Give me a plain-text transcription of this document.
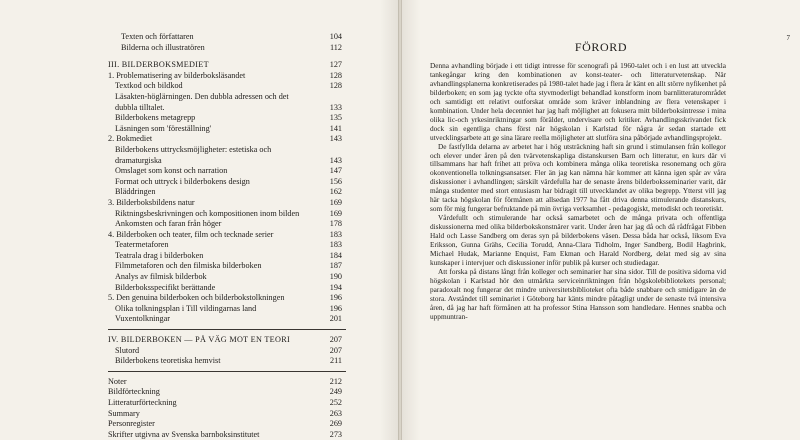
Texten och författaren	104
Bilderna och illustratören	112
III. BILDERBOKSMEDIET	127
1. Problematisering av bilderboksläsandet	128
Textkod och bildkod	128
Läsakten-höglärningen. Den dubbla adressen och det
dubbla tilltalet.	133
Bilderbokens metagrepp	135
Läsningen som 'föreställning'	141
2. Bokmediet	143
Bilderbokens uttrycksmöjligheter: estetiska och
dramaturgiska	143
Omslaget som konst och narration	147
Format och uttryck i bilderbokens design	156
Bläddringen	162
3. Bilderboksbildens natur	169
Riktningsbeskrivningen och kompositionen inom bilden	169
Ankomsten och faran från höger	178
4. Bilderboken och teater, film och tecknade serier	183
Teatermetaforen	183
Teatrala drag i bilderboken	184
Filmmetaforen och den filmiska bilderboken	187
Analys av filmisk bilderbok	190
Bilderboksspecifikt berättande	194
5. Den genuina bilderboken och bilderbokstolkningen	196
Olika tolkningsplan i Till vildingarnas land	196
Vuxentolkningar	201
IV. BILDERBOKEN — PÅ VÄG MOT EN TEORI	207
Slutord	207
Bilderbokens teoretiska hemvist	211
Noter	212
Bildförteckning	249
Litteraturförteckning	252
Summary	263
Personregister	269
Skrifter utgivna av Svenska barnboksinstitutet	273
7
FÖRORD

Denna avhandling började i ett tidigt intresse för scenografi på 1960-talet och i en lust att utveckla tankegångar kring den kombinationen av konst-teater- och litteraturvetenskap. När avhandlingsplanerna konkretiserades på 1980-talet hade jag i flera år känt en allt större nyfikenhet på bilderboken; en som jag tyckte ofta styvmoderligt behandlad konstform inom barnlitteraturområdet och samtidigt ett relativt outforskat område som kräver inblandning av flera vetenskaper i kombination. Under hela decenniet har jag haft möjlighet att fokusera mitt bilderboksintresse i mina olika lic-och yrkesinriktningar som förälder, undervisare och kritiker. Avhandlingsskrivandet fick dock sin egentliga chans först när högskolan i Karlstad för några år sedan startade ett utvecklingsarbete att ge sina lärare reella möjligheter att slutföra sina påbörjade avhandlingsprojekt.

De fastfyllda delarna av arbetet har i hög utsträckning haft sin grund i stimulansen från kollegor och elever under åren på den tvärvetenskapliga distanskursen Barn och litteratur, en kurs där vi tillsammans har haft frihet att pröva och kombinera många olika teoretiska resonemang och göra okonventionella tolkningsansatser. Fler än jag kan nämna här kommer att känna igen spår av våra diskussioner i avhandlingen; särskilt värdefulla har de senaste årens bilderboksseminarier varit, där många studenter med stort entusiasm har bidragit till utvecklandet av olika begrepp. Ytterst vill jag här tacka högskolan för förmånen att allsedan 1977 ha fått driva denna stimulerande distanskurs, som för mig fungerar befruktande på min övriga verksamhet - pedagogiskt, metodiskt och teoretiskt.

Vårdefullt och stimulerande har också samarbetet och de många privata och offentliga diskussionerna med olika bilderbokskonstnärer varit. Under åren har jag då och då rådfrågat Fibben Hald och Lasse Sandberg om deras syn på bilderbokens väsen. Dessa båda har också, liksom Eva Eriksson, Gunna Grähs, Cecilia Torudd, Anna-Clara Tidholm, Inger Sandberg, Bodil Hagbrink, Michael Hudak, Marianne Enquist, Fam Ekman och Harald Nordberg, delat med sig av sina kunskaper i intervjuer och diskussioner inför publik på kurser och studiedagar.

Att forska på distans långt från kolleger och seminarier har sina sidor. Till de positiva sidorna vid högskolan i Karlstad hör den utmärkta serviceinriktningen från högskolebibliotekets personal; paradoxalt nog fungerar det mindre universitetsbiblioteket ofta både snabbare och smidigare än de stora. Avståndet till seminariet i Göteborg har känts mindre påtagligt under de senaste två intensiva åren, då jag har haft förmånen att ha professor Stina Hansson som handledare. Hennes snabba och uppmuntran-
